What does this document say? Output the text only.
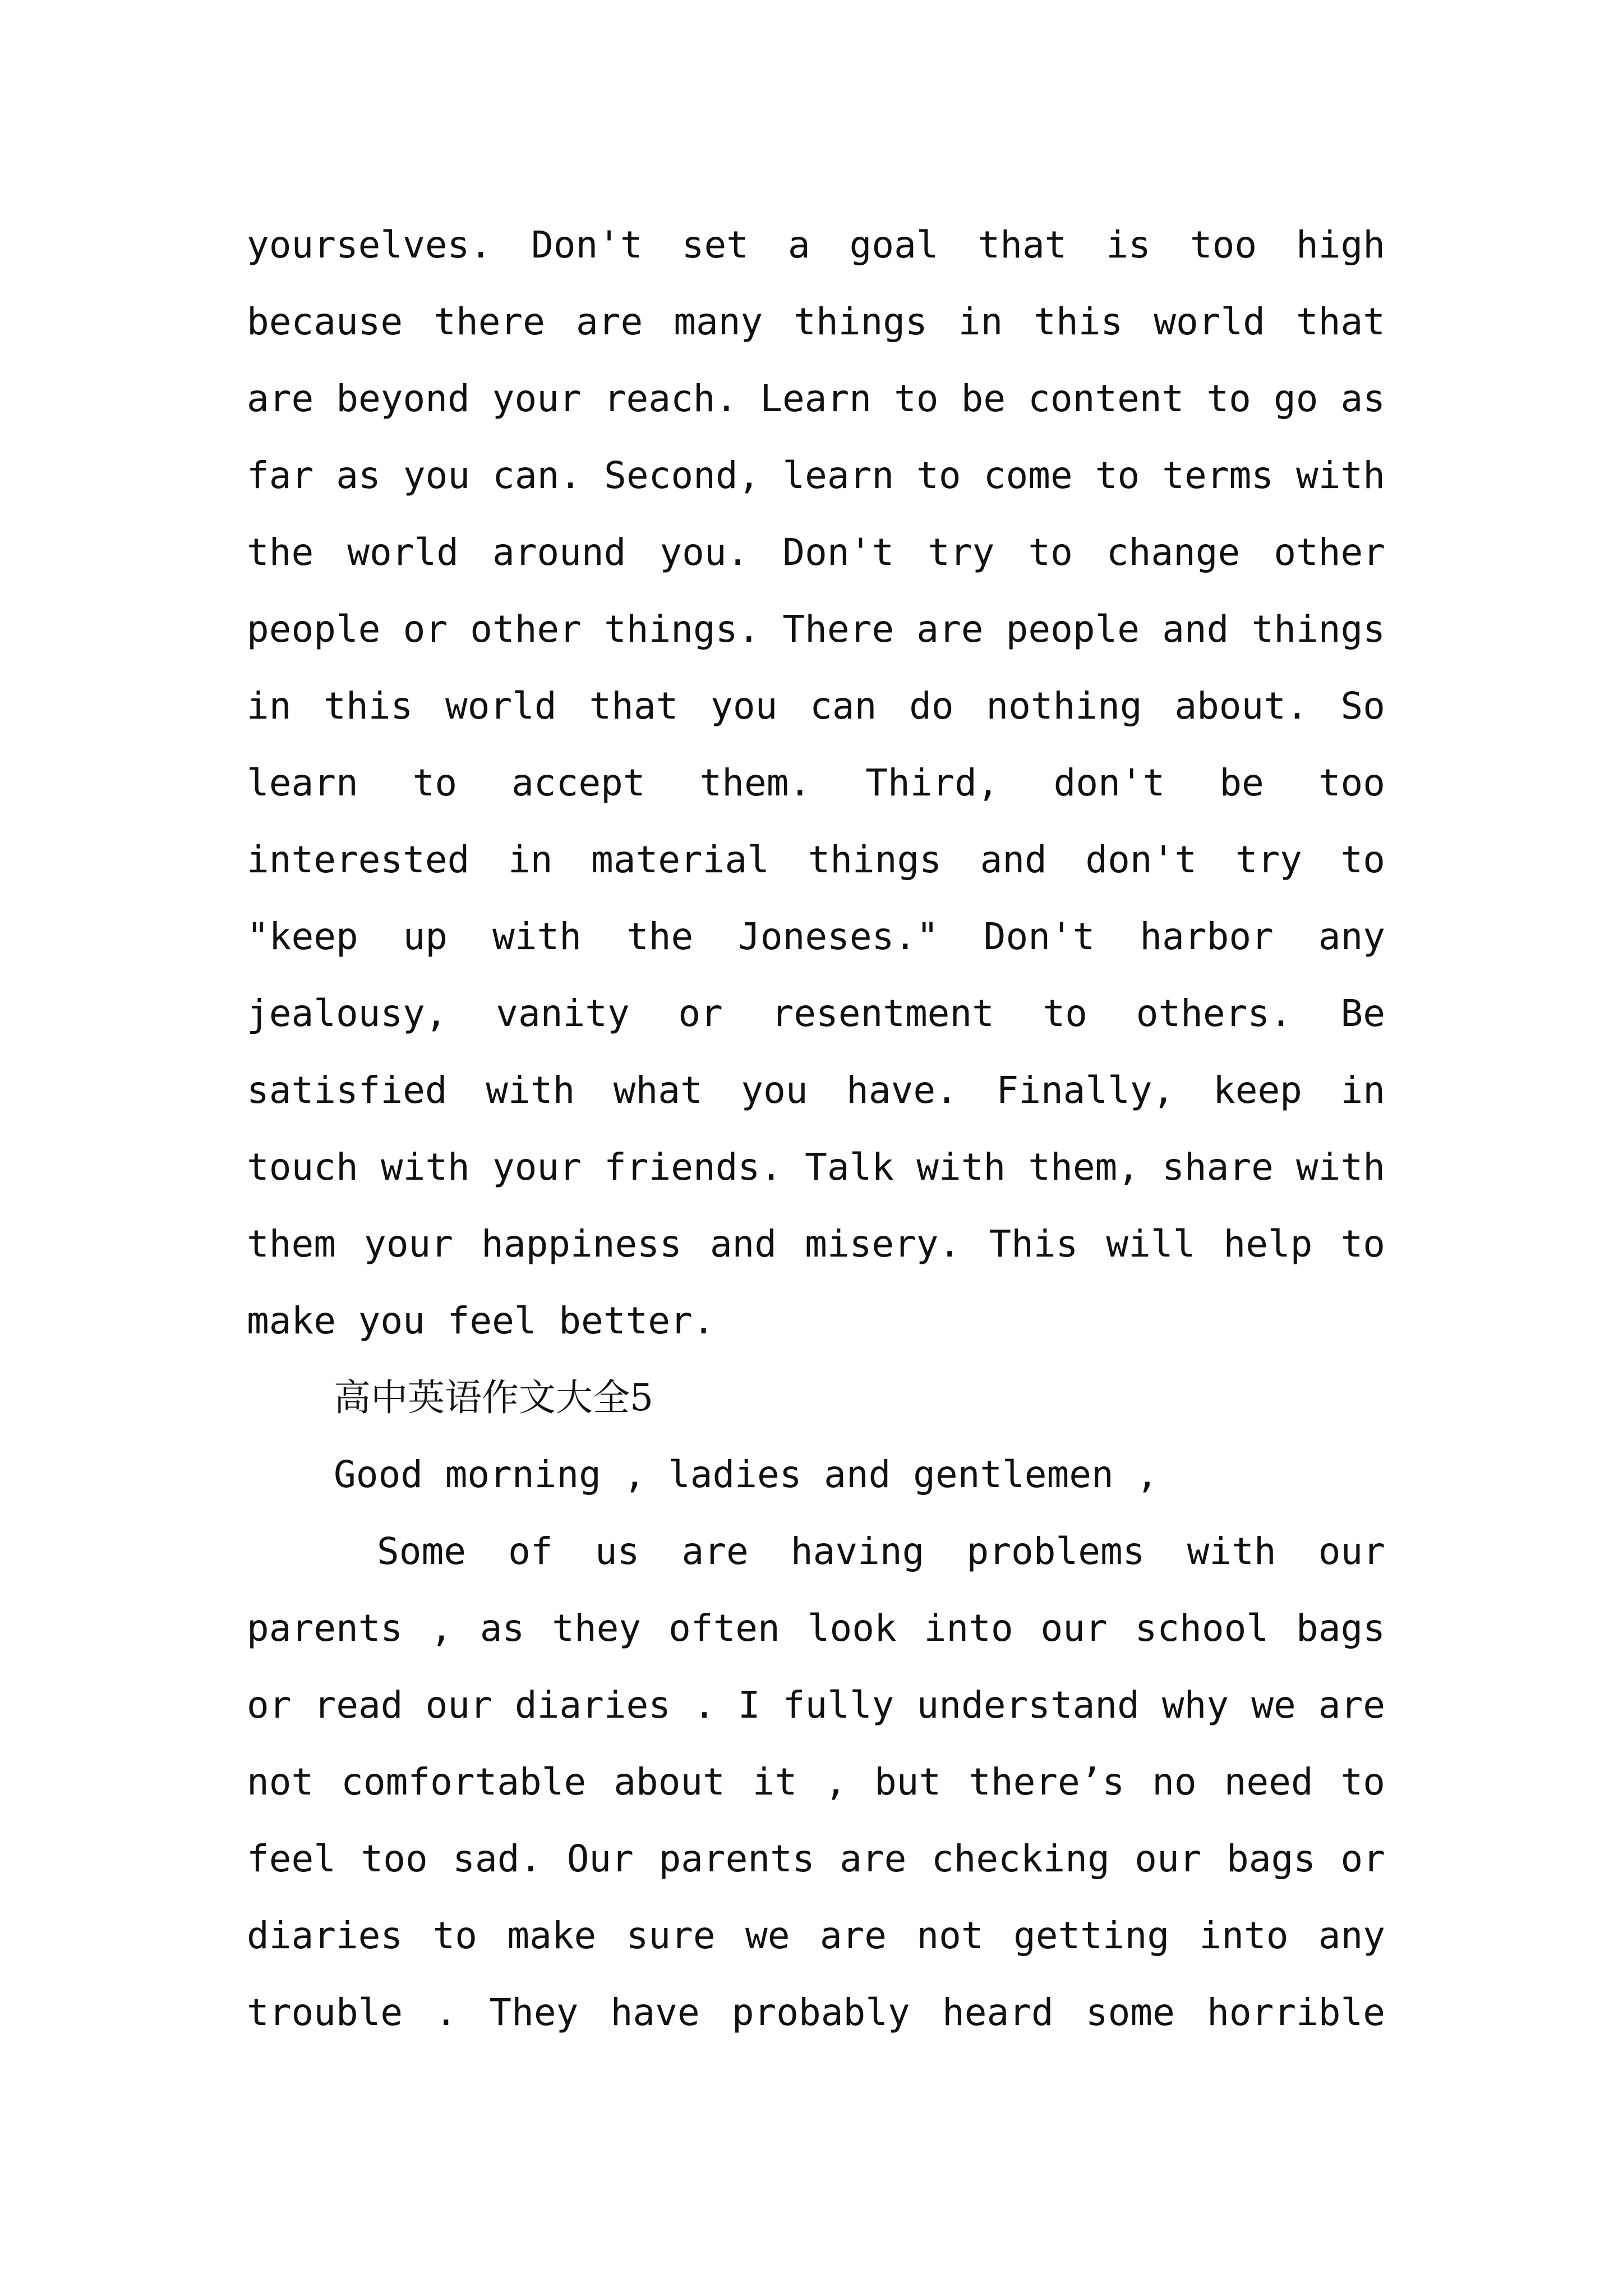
yourselves. Don't set a goal that is too high
because there are many things in this world that
are beyond your reach. Learn to be content to go as
far as you can. Second, learn to come to terms with
the world around you. Don't try to change other
people or other things. There are people and things
in this world that you can do nothing about. So
learn to accept them. Third, don't be too
interested in material things and don't try to
"keep up with the Joneses." Don't harbor any
jealousy, vanity or resentment to others. Be
satisfied with what you have. Finally, keep in
touch with your friends. Talk with them, share with
them your happiness and misery. This will help to
make you feel better.
高中英语作文大全5
Good morning , ladies and gentlemen ,
Some of us are having problems with our
parents , as they often look into our school bags
or read our diaries . I fully understand why we are
not comfortable about it , but there’s no need to
feel too sad. Our parents are checking our bags or
diaries to make sure we are not getting into any
trouble . They have probably heard some horrible
